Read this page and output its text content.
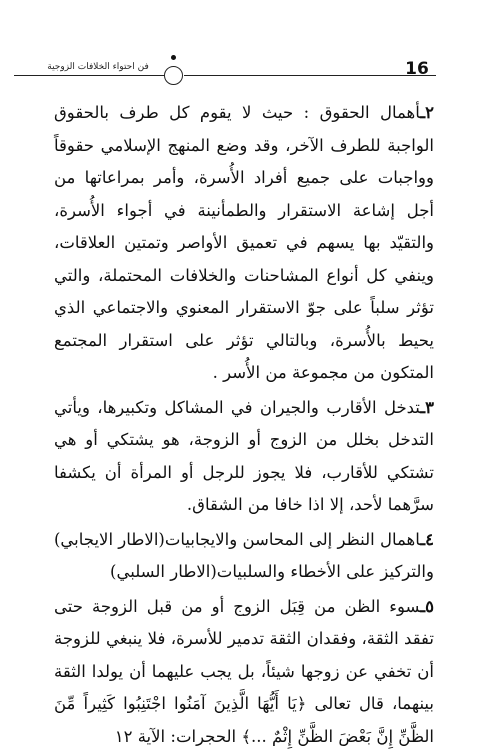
فن احتواء الخلافات الزوجية	16

٢ـأهمال الحقوق : حيث لا يقوم كل طرف بالحقوق الواجبة للطرف الآخر، وقد وضع المنهج الإسلامي حقوقاً وواجبات على جميع أفراد الأُسرة، وأمر بمراعاتها من أجل إشاعة الاستقرار والطمأنينة في أجواء الأُسرة، والتقيّد بها يسهم في تعميق الأواصر وتمتين العلاقات، وينفي كل أنواع المشاحنات والخلافات المحتملة، والتي تؤثر سلباً على جوّ الاستقرار المعنوي والاجتماعي الذي يحيط بالأُسرة، وبالتالي تؤثر على استقرار المجتمع المتكون من مجموعة من الأُسر .

٣ـتدخل الأقارب والجيران في المشاكل وتكبيرها، ويأتي التدخل بخلل من الزوج أو الزوجة، هو يشتكي أو هي تشتكي للأقارب، فلا يجوز للرجل أو المرأة أن يكشفا سرَّهما لأحد، إلا اذا خافا من الشقاق.

٤ـاهمال النظر إلى المحاسن والايجابيات(الاطار الايجابي) والتركيز على الأخطاء والسلبيات(الاطار السلبي)

٥ـسوء الظن من قِبَل الزوج أو من قبل الزوجة حتى تفقد الثقة، وفقدان الثقة تدمير للأسرة، فلا ينبغي للزوجة أن تخفي عن زوجها شيئاً، بل يجب عليهما أن يولدا الثقة بينهما، قال تعالى ﴿يَا أَيُّهَا الَّذِينَ آمَنُوا اجْتَنِبُوا كَثِيراً مِّنَ الظَّنِّ إِنَّ بَعْضَ الظَّنِّ إِثْمٌ ...﴾ الحجرات: الآية ١٢
